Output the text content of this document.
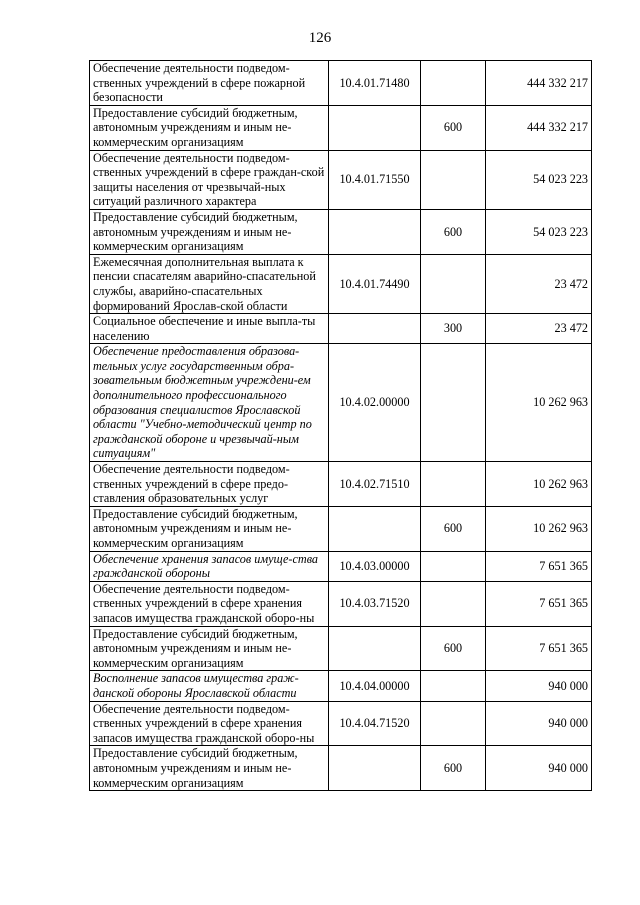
126
Обеспечение деятельности подведом-ственных учреждений в сфере пожарной безопасности	10.4.01.71480		444 332 217
Предоставление субсидий бюджетным, автономным учреждениям и иным не-коммерческим организациям		600	444 332 217
Обеспечение деятельности подведом-ственных учреждений в сфере граждан-ской защиты населения от чрезвычай-ных ситуаций различного характера	10.4.01.71550		54 023 223
Предоставление субсидий бюджетным, автономным учреждениям и иным не-коммерческим организациям		600	54 023 223
Ежемесячная дополнительная выплата к пенсии спасателям аварийно-спасательной службы, аварийно-спасательных формирований Ярослав-ской области	10.4.01.74490		23 472
Социальное обеспечение и иные выпла-ты населению		300	23 472
Обеспечение предоставления образова-тельных услуг государственным обра-зовательным бюджетным учреждени-ем дополнительного профессионального образования специалистов Ярославской области "Учебно-методический центр по гражданской обороне и чрезвычай-ным ситуациям"	10.4.02.00000		10 262 963
Обеспечение деятельности подведом-ственных учреждений в сфере предо-ставления образовательных услуг	10.4.02.71510		10 262 963
Предоставление субсидий бюджетным, автономным учреждениям и иным не-коммерческим организациям		600	10 262 963
Обеспечение хранения запасов имуще-ства гражданской обороны	10.4.03.00000		7 651 365
Обеспечение деятельности подведом-ственных учреждений в сфере хранения запасов имущества гражданской оборо-ны	10.4.03.71520		7 651 365
Предоставление субсидий бюджетным, автономным учреждениям и иным не-коммерческим организациям		600	7 651 365
Восполнение запасов имущества граж-данской обороны Ярославской области	10.4.04.00000		940 000
Обеспечение деятельности подведом-ственных учреждений в сфере хранения запасов имущества гражданской оборо-ны	10.4.04.71520		940 000
Предоставление субсидий бюджетным, автономным учреждениям и иным не-коммерческим организациям		600	940 000
